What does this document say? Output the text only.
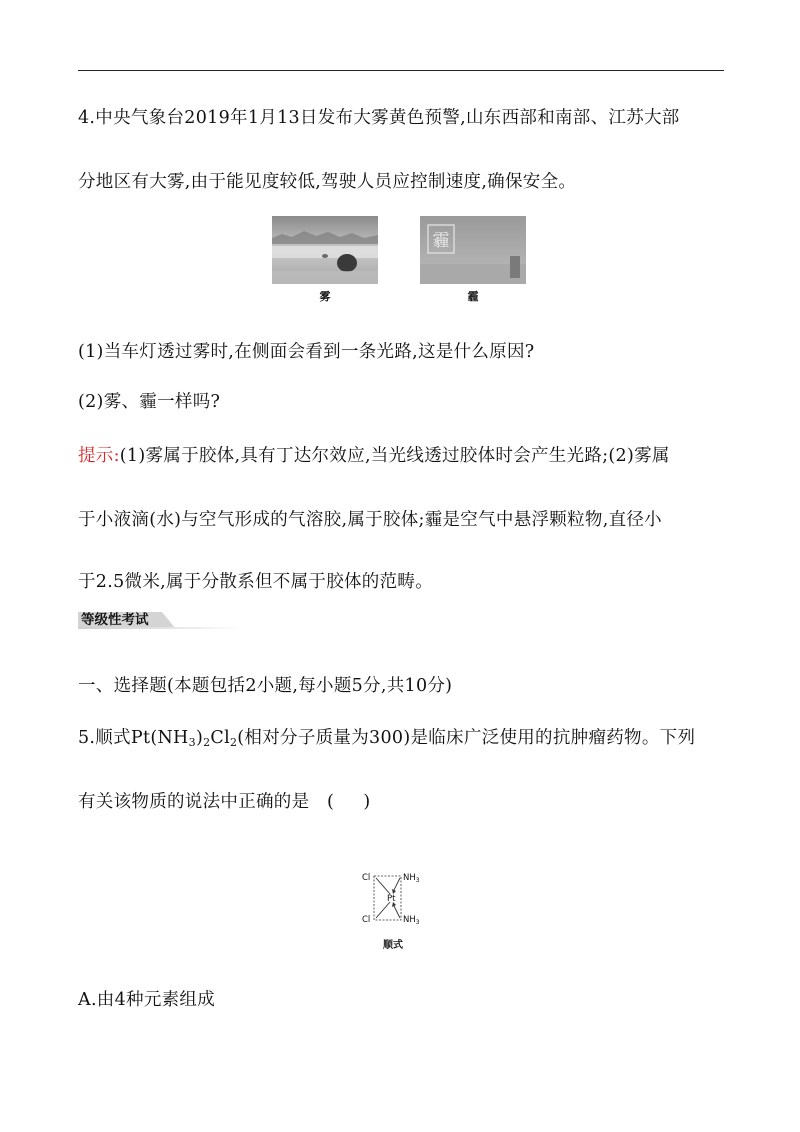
4.中央气象台2019年1月13日发布大雾黄色预警,山东西部和南部、江苏大部
分地区有大雾,由于能见度较低,驾驶人员应控制速度,确保安全。
雾
霾
霾
(1)当车灯透过雾时,在侧面会看到一条光路,这是什么原因?
(2)雾、霾一样吗?
提示:(1)雾属于胶体,具有丁达尔效应,当光线透过胶体时会产生光路;(2)雾属
于小液滴(水)与空气形成的气溶胶,属于胶体;霾是空气中悬浮颗粒物,直径小
于2.5微米,属于分散系但不属于胶体的范畴。
等级性考试
一、选择题(本题包括2小题,每小题5分,共10分)
5.顺式$Pt(NH_3)_2Cl_2$(相对分子质量为300)是临床广泛使用的抗肿瘤药物。下列
有关该物质的说法中正确的是   (     )
Cl
Cl
$NH_3$
$NH_3$
Pt
顺式
A.由4种元素组成
